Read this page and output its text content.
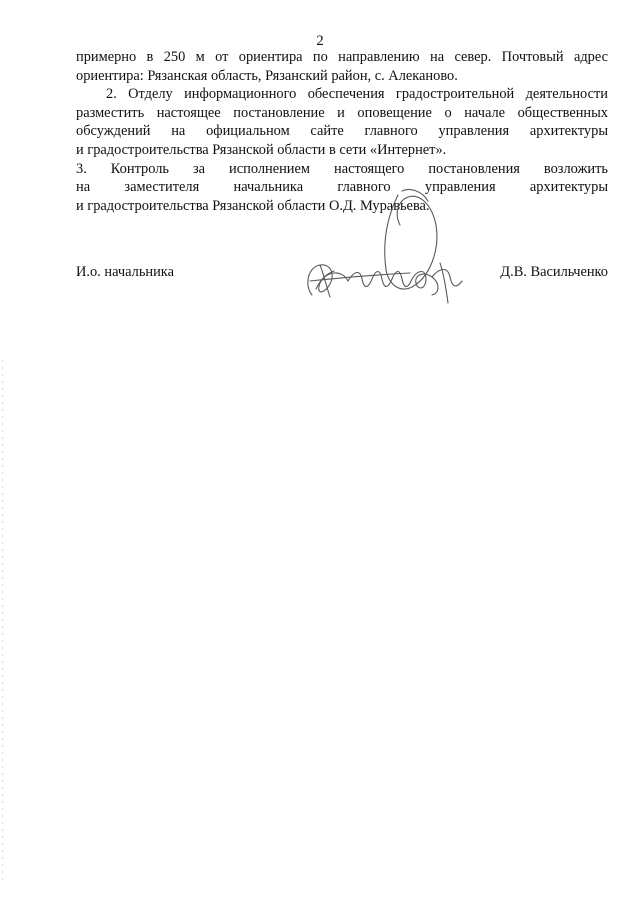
2
примерно в 250 м от ориентира по направлению на север. Почтовый адрес
ориентира: Рязанская область, Рязанский район, с. Алеканово.
2. Отделу информационного обеспечения градостроительной деятельности
разместить настоящее постановление и оповещение о начале общественных
обсуждений на официальном сайте главного управления архитектуры
и градостроительства Рязанской области в сети «Интернет».
3. Контроль за исполнением настоящего постановления возложить
на заместителя начальника главного управления архитектуры
и градостроительства Рязанской области О.Д. Муравьева.
И.о. начальника	Д.В. Васильченко
